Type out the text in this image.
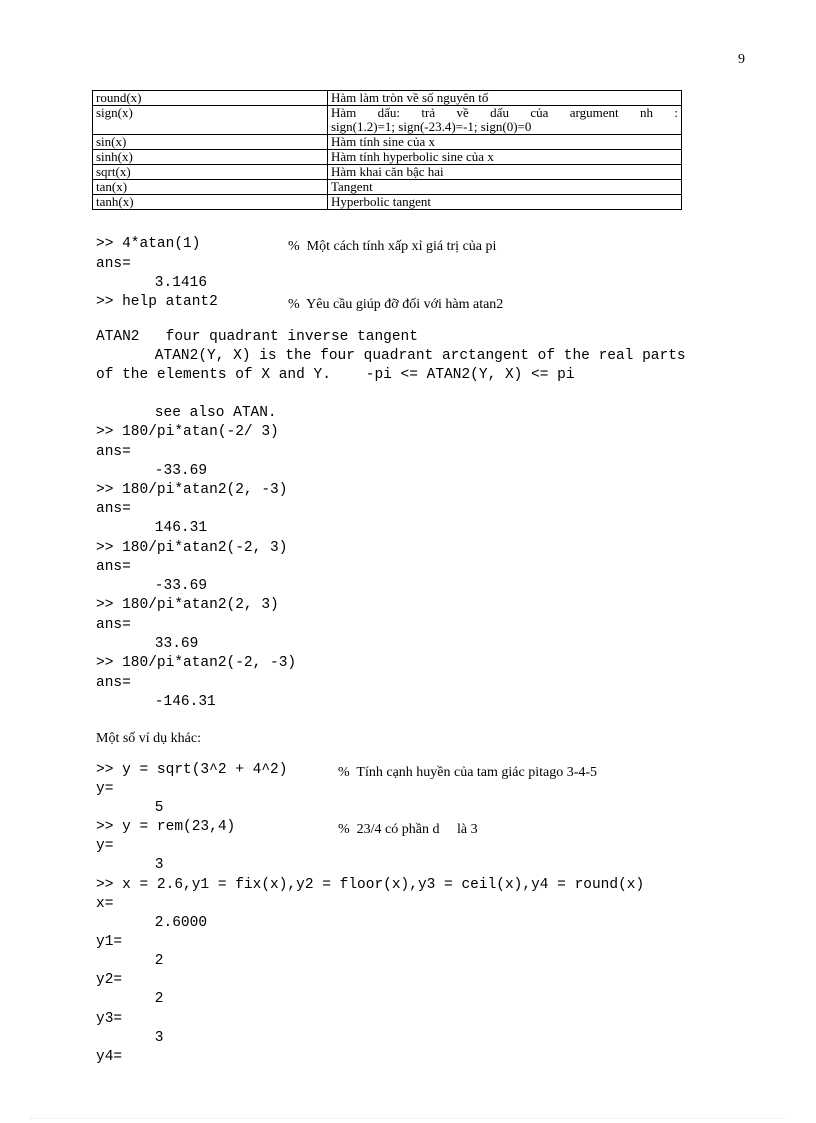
9
round(x)	Hàm làm tròn về số nguyên tố
sign(x)	Hàm dấu: trả về dấu của argument nh :
sign(1.2)=1; sign(-23.4)=-1; sign(0)=0

sin(x)	Hàm tính sine của x
sinh(x)	Hàm tính hyperbolic sine của x
sqrt(x)	Hàm khai căn bậc hai
tan(x)	Tangent
tanh(x)	Hyperbolic tangent
>> 4*atan(1)	%  Một cách tính xấp xỉ giá trị của pi
ans=
3.1416
>> help atant2	%  Yêu cầu giúp đỡ đối với hàm atan2
ATAN2   four quadrant inverse tangent
ATAN2(Y, X) is the four quadrant arctangent of the real parts
of the elements of X and Y.    -pi <= ATAN2(Y, X) <= pi
see also ATAN.
>> 180/pi*atan(-2/ 3)
ans=
-33.69
>> 180/pi*atan2(2, -3)
ans=
146.31
>> 180/pi*atan2(-2, 3)
ans=
-33.69
>> 180/pi*atan2(2, 3)
ans=
33.69
>> 180/pi*atan2(-2, -3)
ans=
-146.31
Một số ví dụ khác:
>> y = sqrt(3^2 + 4^2)	%  Tính cạnh huyền của tam giác pitago 3-4-5
y=
5
>> y = rem(23,4)	%  23/4 có phần d     là 3
y=
3
>> x = 2.6,y1 = fix(x),y2 = floor(x),y3 = ceil(x),y4 = round(x)
x=
2.6000
y1=
2
y2=
2
y3=
3
y4=
